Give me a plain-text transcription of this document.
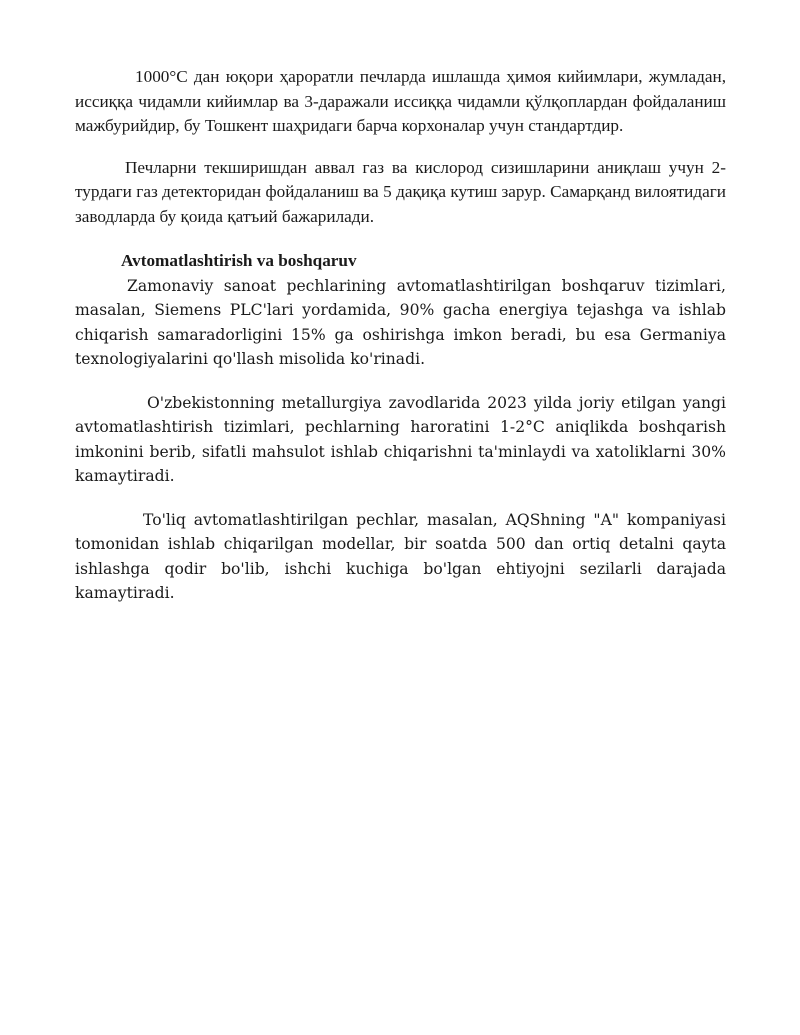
1000°С дан юқори ҳароратли печларда ишлашда ҳимоя кийимлари, жумладан, иссиққа чидамли кийимлар ва 3-даражали иссиққа чидамли қўлқоплардан фойдаланиш мажбурийдир, бу Тошкент шаҳридаги барча корхоналар учун стандартдир.

Печларни текширишдан аввал газ ва кислород сизишларини аниқлаш учун 2-турдаги газ детекторидан фойдаланиш ва 5 дақиқа кутиш зарур. Самарқанд вилоятидаги заводларда бу қоида қатъий бажарилади.

Avtomatlashtirish va boshqaruv

Zamonaviy sanoat pechlarining avtomatlashtirilgan boshqaruv tizimlari, masalan, Siemens PLC'lari yordamida, 90% gacha energiya tejashga va ishlab chiqarish samaradorligini 15% ga oshirishga imkon beradi, bu esa Germaniya texnologiyalarini qo'llash misolida ko'rinadi.

O'zbekistonning metallurgiya zavodlarida 2023 yilda joriy etilgan yangi avtomatlashtirish tizimlari, pechlarning haroratini 1-2°C aniqlikda boshqarish imkonini berib, sifatli mahsulot ishlab chiqarishni ta'minlaydi va xatoliklarni 30% kamaytiradi.

To'liq avtomatlashtirilgan pechlar, masalan, AQShning "A" kompaniyasi tomonidan ishlab chiqarilgan modellar, bir soatda 500 dan ortiq detalni qayta ishlashga qodir bo'lib, ishchi kuchiga bo'lgan ehtiyojni sezilarli darajada kamaytiradi.
